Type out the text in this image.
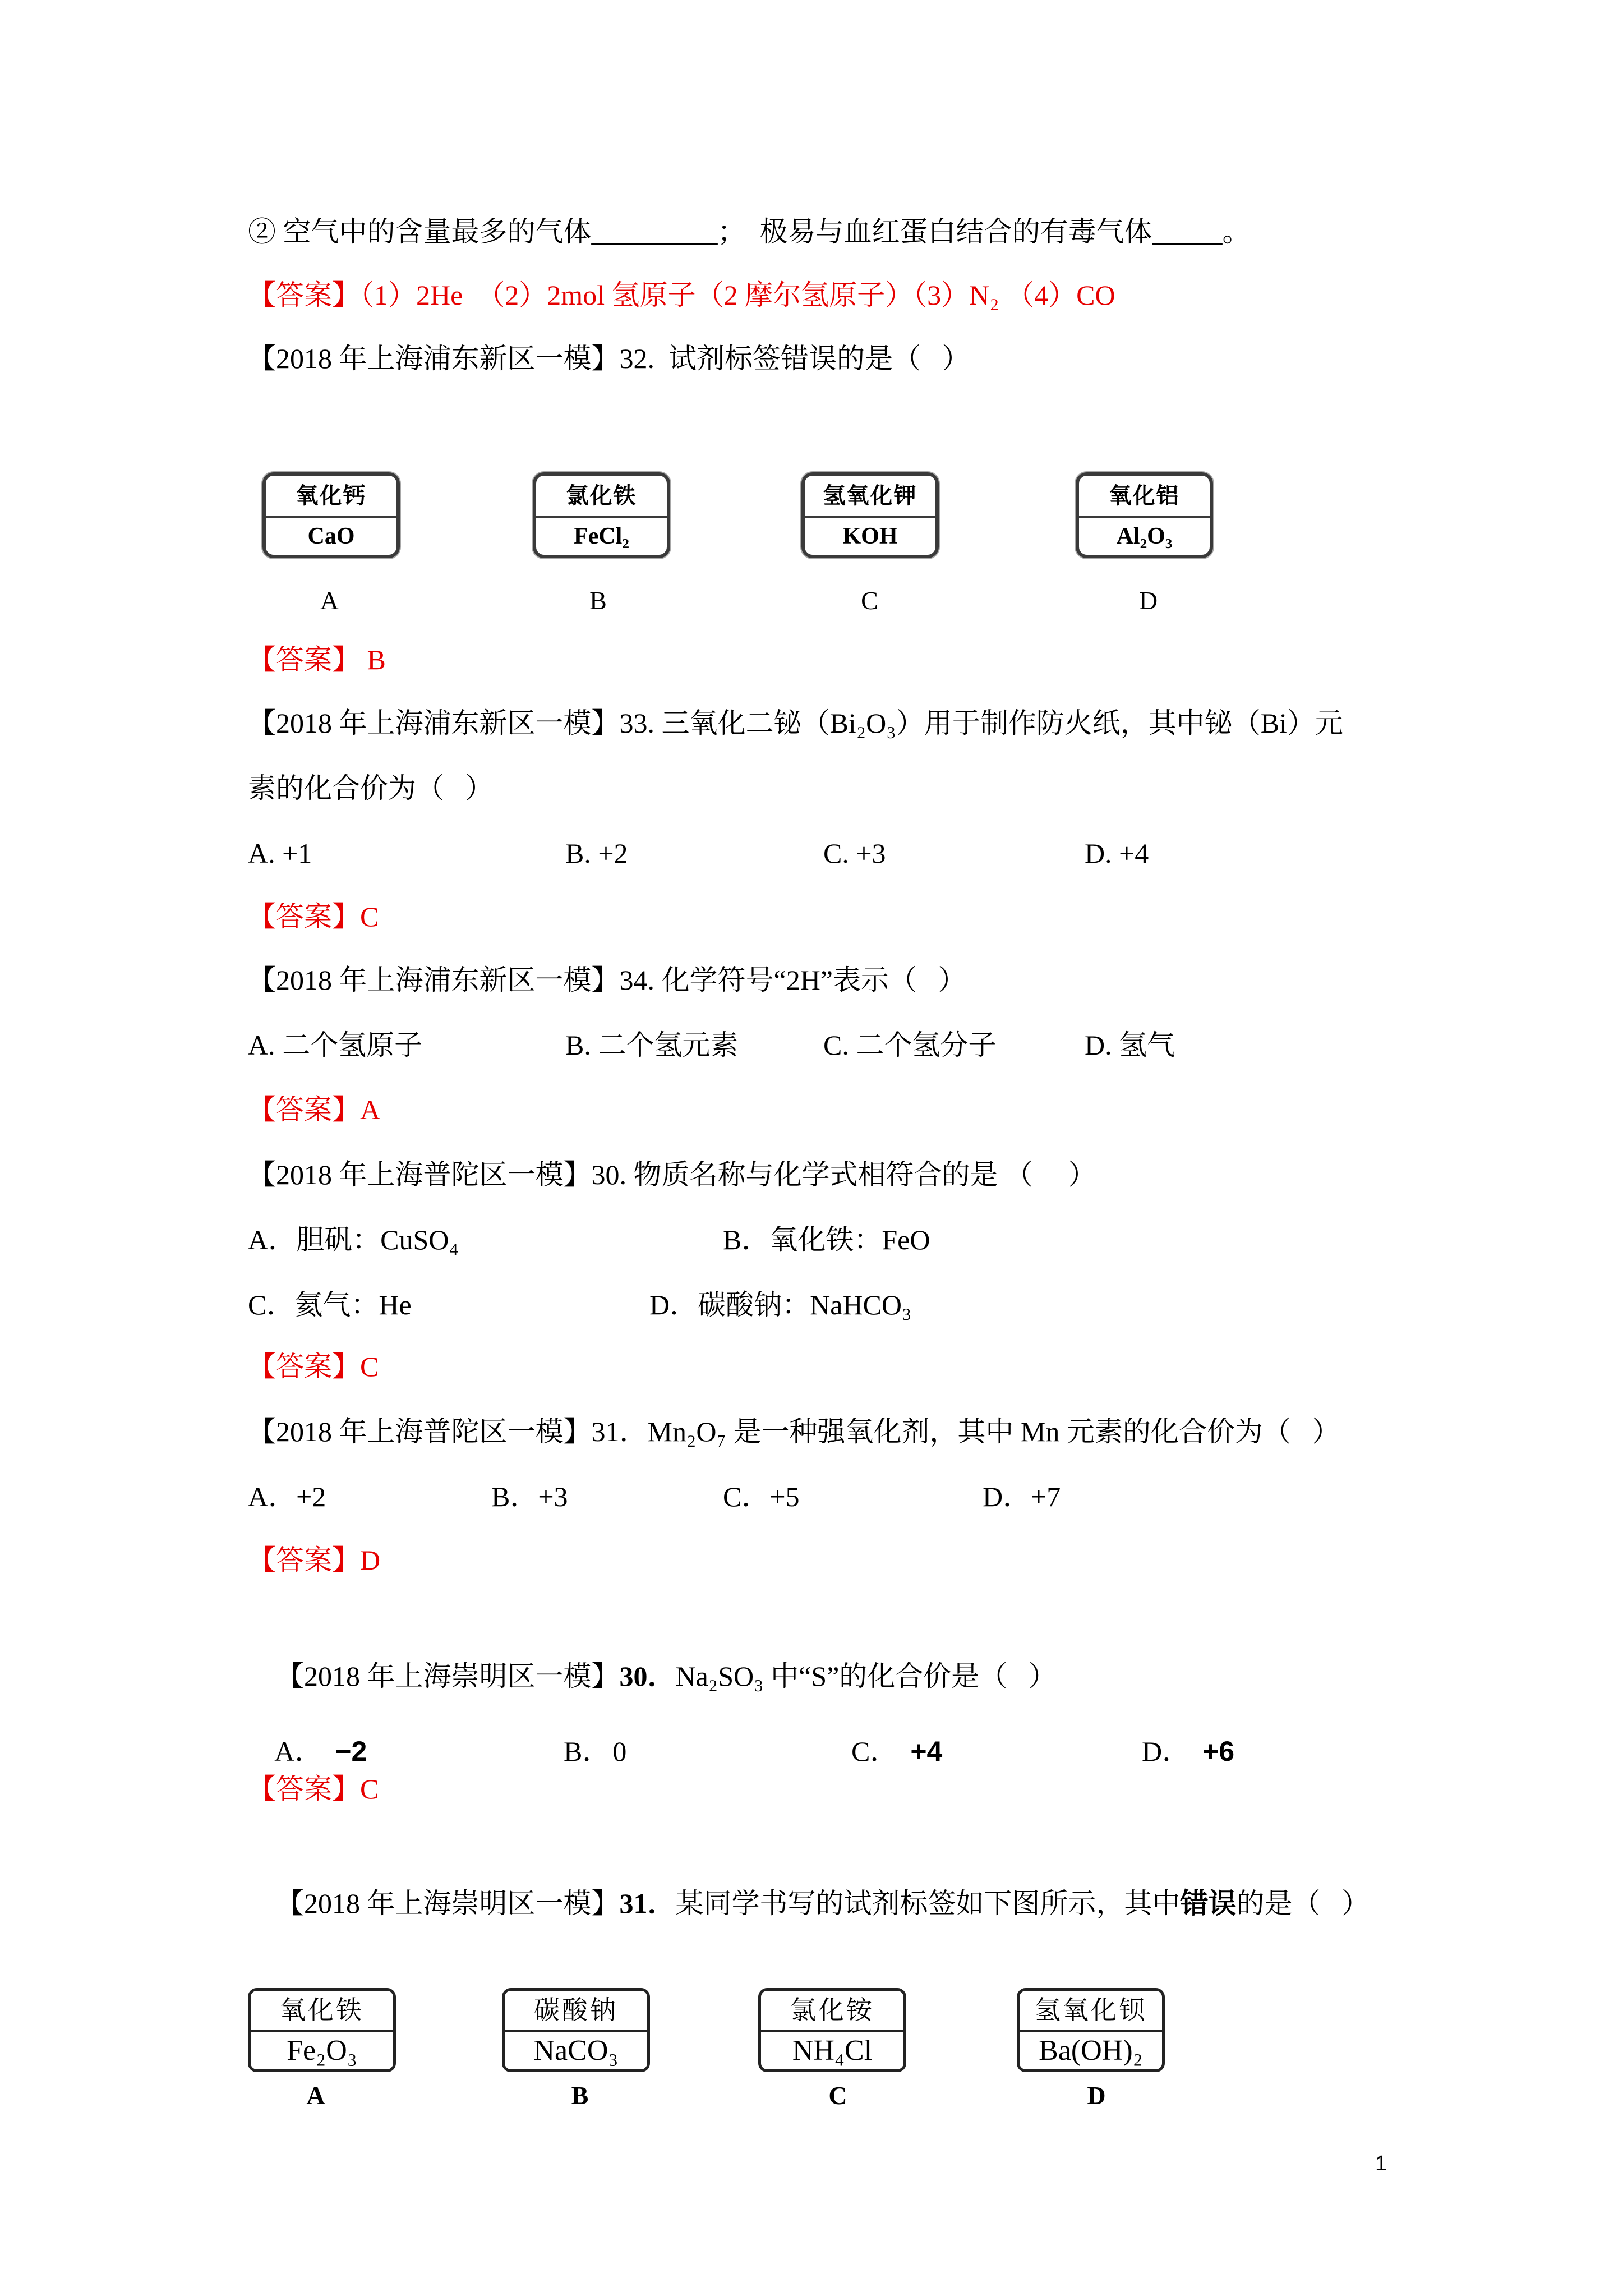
② 空气中的含量最多的气体_________；  极易与血红蛋白结合的有毒气体_____。
【答案】（1）2He  （2）2mol 氢原子（2 摩尔氢原子）（3）N₂ （4）CO
【2018 年上海浦东新区一模】32.  试剂标签错误的是（   ）
氧化钙
CaO
氯化铁
FeCl₂
氢氧化钾
KOH
氧化铝
Al₂O₃
A	B	C	D
【答案】 B
【2018 年上海浦东新区一模】33. 三氧化二铋（Bi₂O₃）用于制作防火纸，其中铋（Bi）元
素的化合价为（   ）
A. +1	B. +2	C. +3	D. +4
【答案】C
【2018 年上海浦东新区一模】34. 化学符号“2H”表示（   ）
A. 二个氢原子	B. 二个氢元素	C. 二个氢分子	D. 氢气
【答案】A
【2018 年上海普陀区一模】30. 物质名称与化学式相符合的是 （     ）
A．胆矾：CuSO₄	B．氧化铁：FeO
C．氦气：He	D．碳酸钠：NaHCO₃
【答案】C
【2018 年上海普陀区一模】31．Mn₂O₇ 是一种强氧化剂，其中 Mn 元素的化合价为（   ）
A．+2	B．+3	C．+5	D．+7
【答案】D

【2018 年上海崇明区一模】30．Na₂SO₃ 中“S”的化合价是（   ）

A． −2
	B．0
	C． +4
	D． +6

【答案】C

【2018 年上海崇明区一模】31．某同学书写的试剂标签如下图所示，其中错误的是（   ）

氧化铁
Fe₂O₃
碳酸钠
NaCO₃
氯化铵
NH₄Cl
氢氧化钡
Ba(OH)₂
A	B	C	D
1
